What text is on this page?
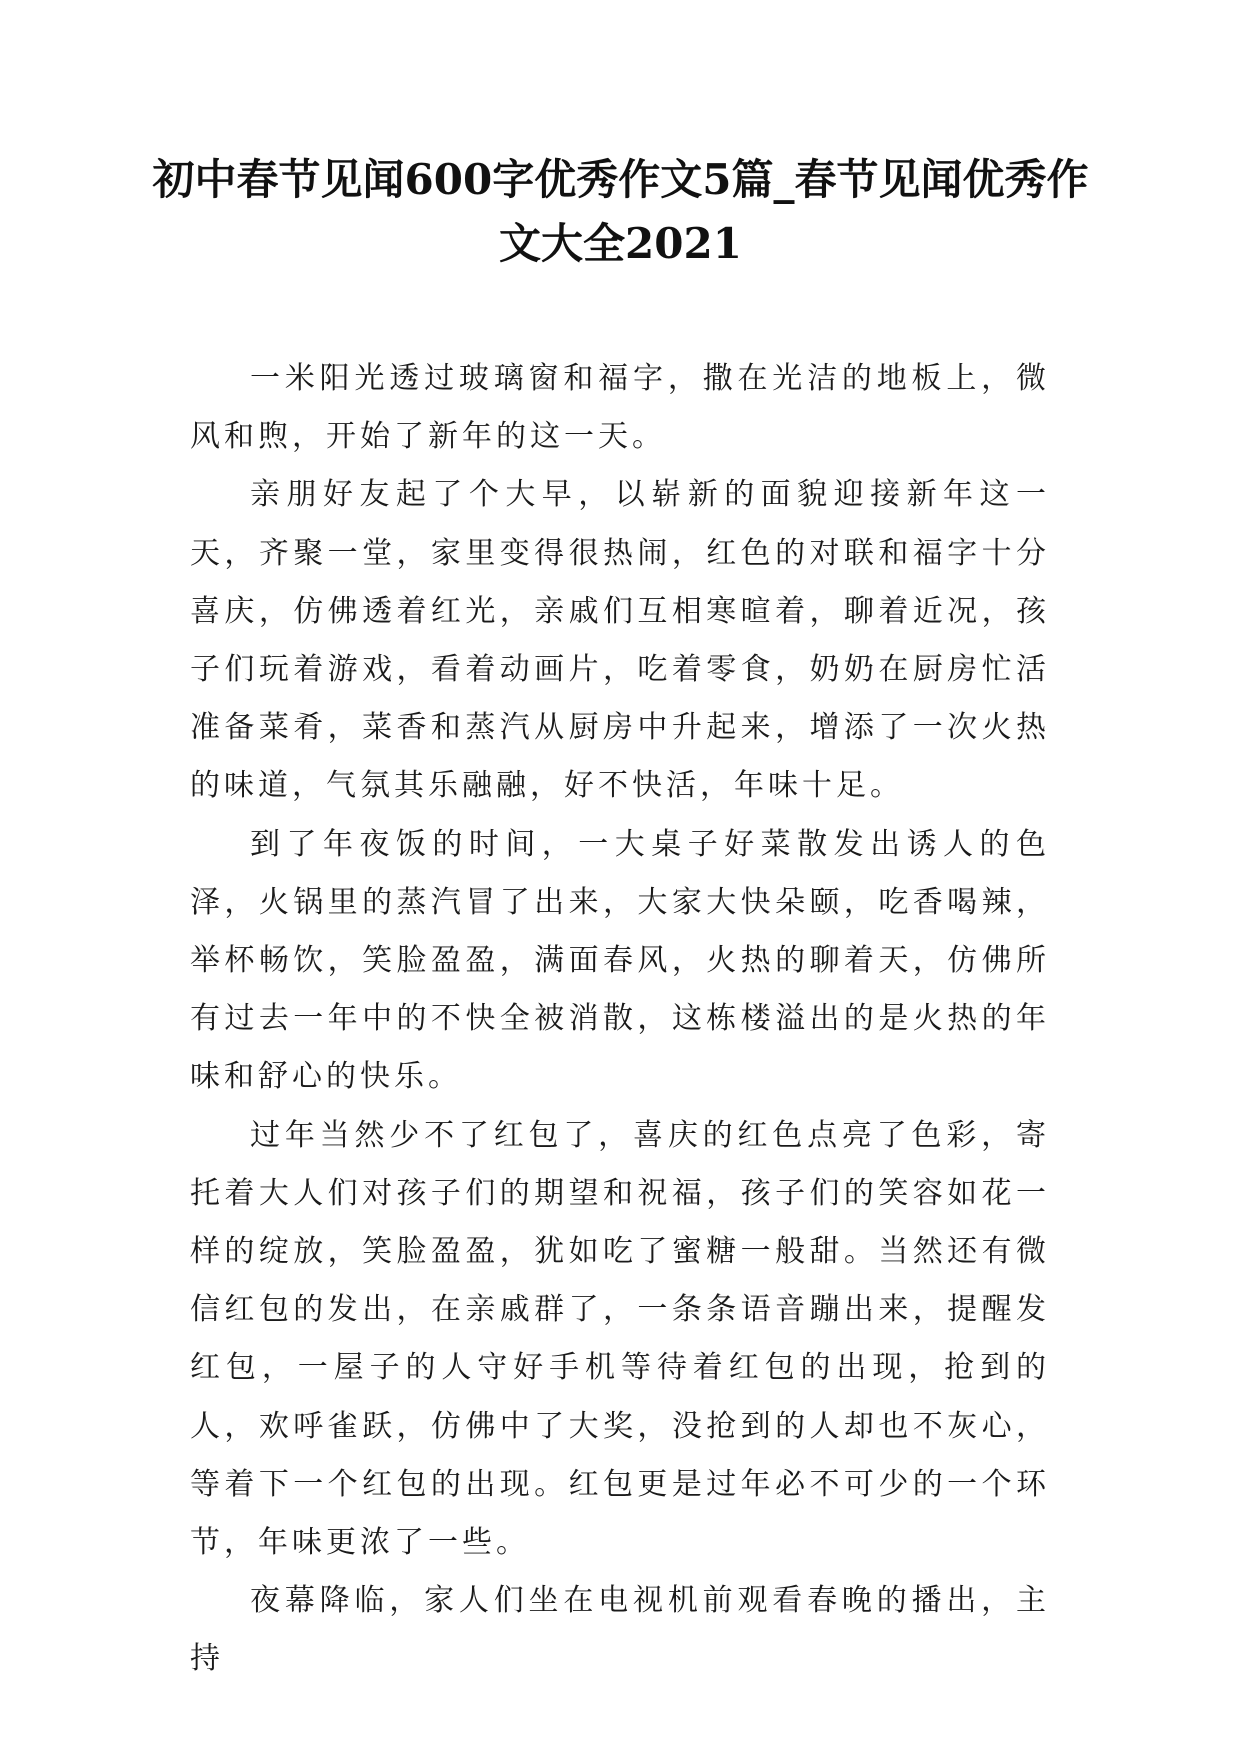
初中春节见闻600字优秀作文5篇_春节见闻优秀作文大全2021

一米阳光透过玻璃窗和福字，撒在光洁的地板上，微风和煦，开始了新年的这一天。

亲朋好友起了个大早，以崭新的面貌迎接新年这一天，齐聚一堂，家里变得很热闹，红色的对联和福字十分喜庆，仿佛透着红光，亲戚们互相寒暄着，聊着近况，孩子们玩着游戏，看着动画片，吃着零食，奶奶在厨房忙活准备菜肴，菜香和蒸汽从厨房中升起来，增添了一次火热的味道，气氛其乐融融，好不快活，年味十足。

到了年夜饭的时间，一大桌子好菜散发出诱人的色泽，火锅里的蒸汽冒了出来，大家大快朵颐，吃香喝辣，举杯畅饮，笑脸盈盈，满面春风，火热的聊着天，仿佛所有过去一年中的不快全被消散，这栋楼溢出的是火热的年味和舒心的快乐。

过年当然少不了红包了，喜庆的红色点亮了色彩，寄托着大人们对孩子们的期望和祝福，孩子们的笑容如花一样的绽放，笑脸盈盈，犹如吃了蜜糖一般甜。当然还有微信红包的发出，在亲戚群了，一条条语音蹦出来，提醒发红包，一屋子的人守好手机等待着红包的出现，抢到的人，欢呼雀跃，仿佛中了大奖，没抢到的人却也不灰心，等着下一个红包的出现。红包更是过年必不可少的一个环节，年味更浓了一些。

夜幕降临，家人们坐在电视机前观看春晚的播出，主持
